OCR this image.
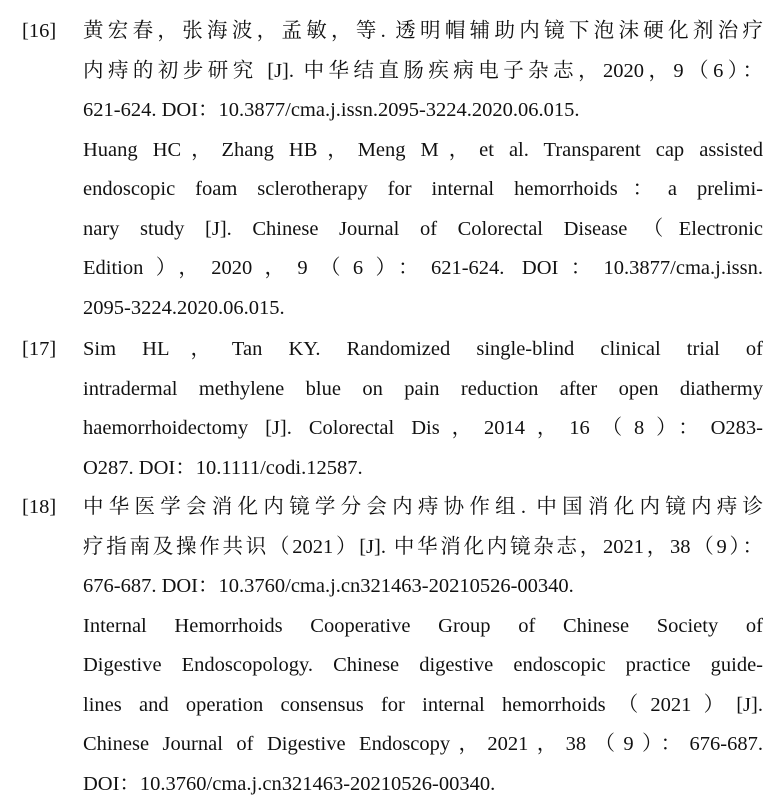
[16] 黄宏春，张海波，孟敏，等. 透明帽辅助内镜下泡沫硬化剂治疗
内痔的初步研究 [J]. 中华结直肠疾病电子杂志，2020，9（6）：
621-624. DOI：10.3877/cma.j.issn.2095-3224.2020.06.015.
Huang HC，Zhang HB，Meng M，et al. Transparent cap assisted
endoscopic foam sclerotherapy for internal hemorrhoids：a prelimi-
nary study [J]. Chinese Journal of Colorectal Disease（Electronic
Edition），2020，9（6）：621-624. DOI：10.3877/cma.j.issn.
2095-3224.2020.06.015.
[17] Sim HL，Tan KY. Randomized single-blind clinical trial of
intradermal methylene blue on pain reduction after open diathermy
haemorrhoidectomy [J]. Colorectal Dis，2014，16（8）：O283-
O287. DOI：10.1111/codi.12587.
[18] 中华医学会消化内镜学分会内痔协作组. 中国消化内镜内痔诊
疗指南及操作共识（2021）[J]. 中华消化内镜杂志，2021，38（9）：
676-687. DOI：10.3760/cma.j.cn321463-20210526-00340.
Internal Hemorrhoids Cooperative Group of Chinese Society of
Digestive Endoscopology. Chinese digestive endoscopic practice guide-
lines and operation consensus for internal hemorrhoids（2021）[J].
Chinese Journal of Digestive Endoscopy，2021，38（9）：676-687.
DOI：10.3760/cma.j.cn321463-20210526-00340.
